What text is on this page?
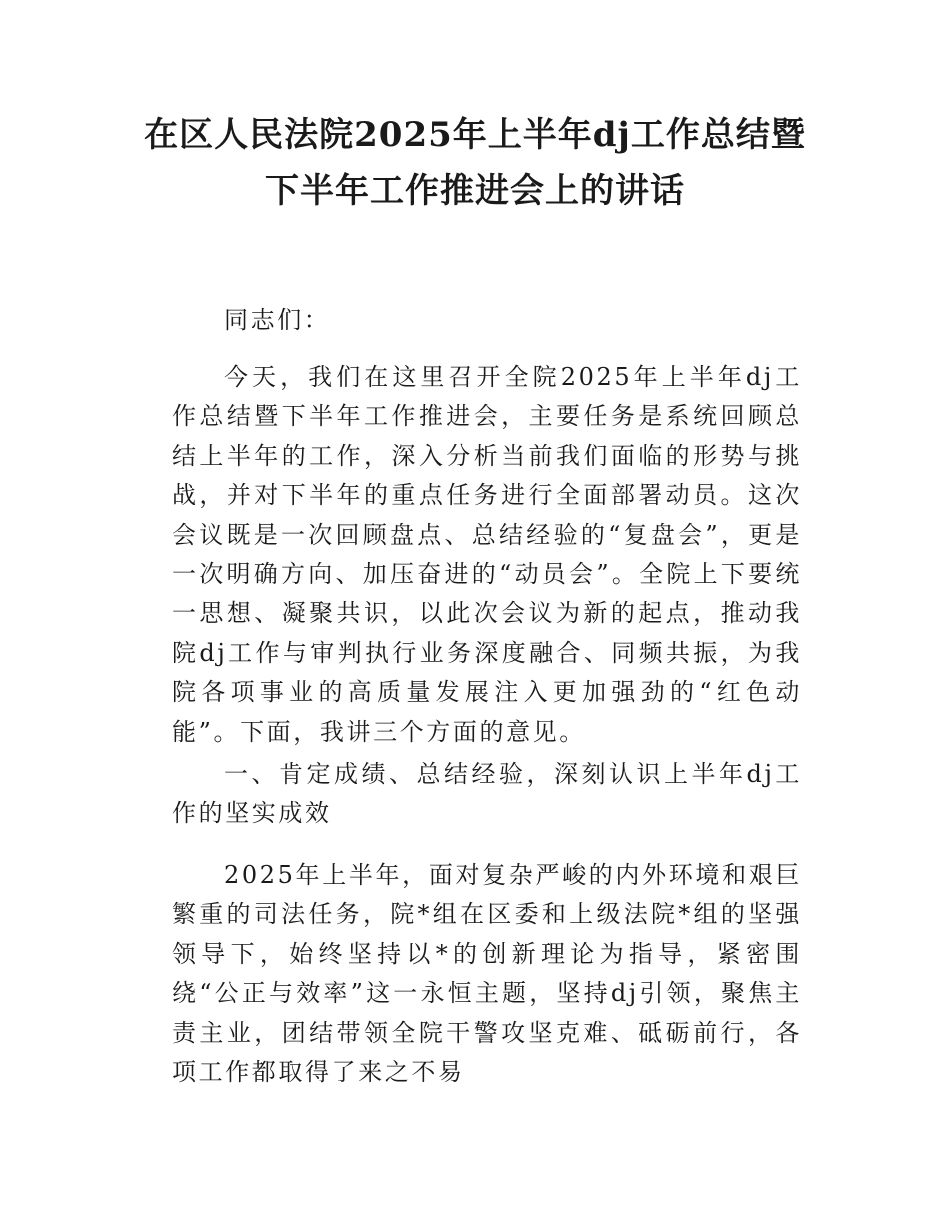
在区人民法院2025年上半年dj工作总结暨
下半年工作推进会上的讲话

同志们：

今天，我们在这里召开全院2025年上半年dj工作总结暨下半年工作推进会，主要任务是系统回顾总结上半年的工作，深入分析当前我们面临的形势与挑战，并对下半年的重点任务进行全面部署动员。这次会议既是一次回顾盘点、总结经验的“复盘会”，更是一次明确方向、加压奋进的“动员会”。全院上下要统一思想、凝聚共识，以此次会议为新的起点，推动我院dj工作与审判执行业务深度融合、同频共振，为我院各项事业的高质量发展注入更加强劲的“红色动能”。下面，我讲三个方面的意见。

一、肯定成绩、总结经验，深刻认识上半年dj工作的坚实成效

2025年上半年，面对复杂严峻的内外环境和艰巨繁重的司法任务，院*组在区委和上级法院*组的坚强领导下，始终坚持以*的创新理论为指导，紧密围绕“公正与效率”这一永恒主题，坚持dj引领，聚焦主责主业，团结带领全院干警攻坚克难、砥砺前行，各项工作都取得了来之不易
